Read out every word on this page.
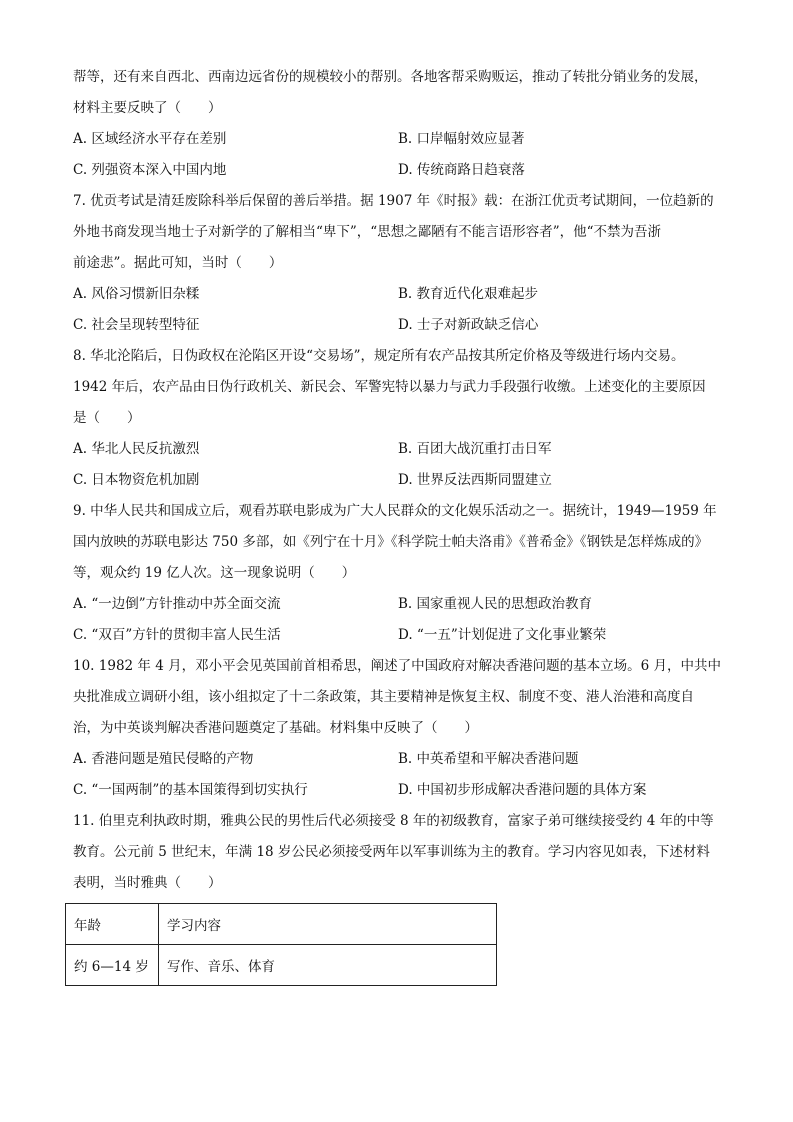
帮等，还有来自西北、西南边远省份的规模较小的帮别。各地客帮采购贩运，推动了转批分销业务的发展，
材料主要反映了（　　）
A. 区域经济水平存在差别	B. 口岸幅射效应显著
C. 列强资本深入中国内地	D. 传统商路日趋衰落
7. 优贡考试是清廷废除科举后保留的善后举措。据 1907 年《时报》载：在浙江优贡考试期间，一位趋新的
外地书商发现当地士子对新学的了解相当“卑下”，“思想之鄙陋有不能言语形容者”，他“不禁为吾浙
前途悲”。据此可知，当时（　　）
A. 风俗习惯新旧杂糅	B. 教育近代化艰难起步
C. 社会呈现转型特征	D. 士子对新政缺乏信心
8. 华北沦陷后，日伪政权在沦陷区开设“交易场”，规定所有农产品按其所定价格及等级进行场内交易。
1942 年后，农产品由日伪行政机关、新民会、军警宪特以暴力与武力手段强行收缴。上述变化的主要原因
是（　　）
A. 华北人民反抗激烈	B. 百团大战沉重打击日军
C. 日本物资危机加剧	D. 世界反法西斯同盟建立
9. 中华人民共和国成立后，观看苏联电影成为广大人民群众的文化娱乐活动之一。据统计，1949—1959 年
国内放映的苏联电影达 750 多部，如《列宁在十月》《科学院士帕夫洛甫》《普希金》《钢铁是怎样炼成的》
等，观众约 19 亿人次。这一现象说明（　　）
A. “一边倒”方针推动中苏全面交流	B. 国家重视人民的思想政治教育
C. “双百”方针的贯彻丰富人民生活	D. “一五”计划促进了文化事业繁荣
10. 1982 年 4 月，邓小平会见英国前首相希思，阐述了中国政府对解决香港问题的基本立场。6 月，中共中
央批准成立调研小组，该小组拟定了十二条政策，其主要精神是恢复主权、制度不变、港人治港和高度自
治，为中英谈判解决香港问题奠定了基础。材料集中反映了（　　）
A. 香港问题是殖民侵略的产物	B. 中英希望和平解决香港问题
C. “一国两制”的基本国策得到切实执行	D. 中国初步形成解决香港问题的具体方案
11. 伯里克利执政时期，雅典公民的男性后代必须接受 8 年的初级教育，富家子弟可继续接受约 4 年的中等
教育。公元前 5 世纪末，年满 18 岁公民必须接受两年以军事训练为主的教育。学习内容见如表，下述材料
表明，当时雅典（　　）
年龄	学习内容
约 6—14 岁	写作、音乐、体育
